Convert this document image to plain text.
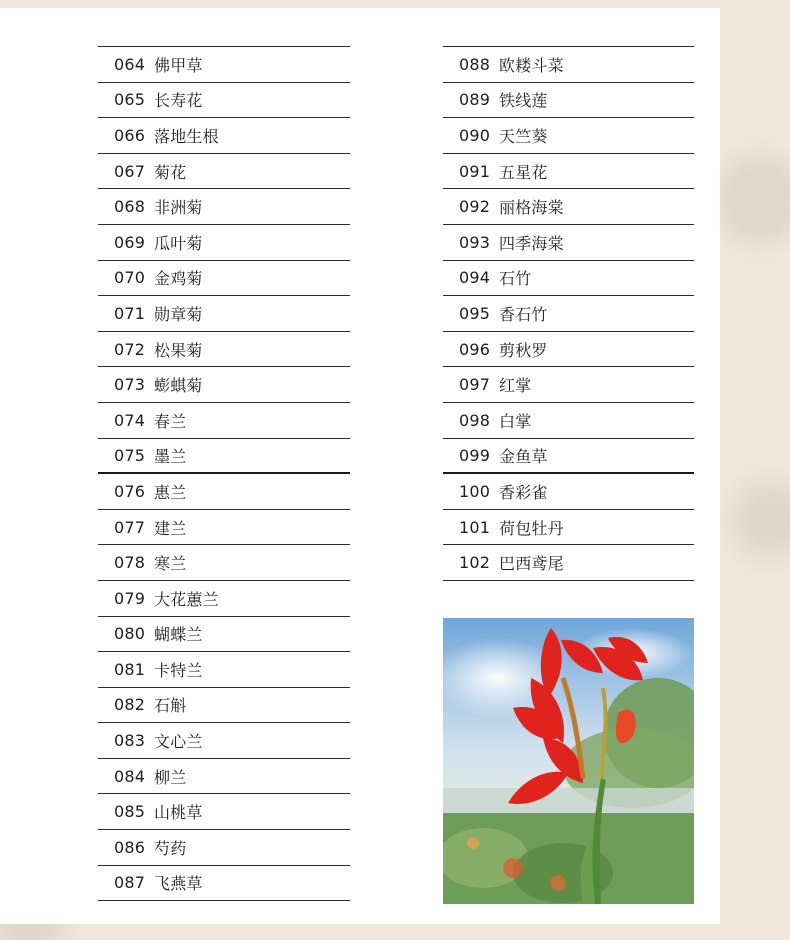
064 佛甲草
065 长寿花
066 落地生根
067 菊花
068 非洲菊
069 瓜叶菊
070 金鸡菊
071 勋章菊
072 松果菊
073 蟛蜞菊
074 春兰
075 墨兰
076 惠兰
077 建兰
078 寒兰
079 大花蕙兰
080 蝴蝶兰
081 卡特兰
082 石斛
083 文心兰
084 柳兰
085 山桃草
086 芍药
087 飞燕草
088 欧耧斗菜
089 铁线莲
090 天竺葵
091 五星花
092 丽格海棠
093 四季海棠
094 石竹
095 香石竹
096 剪秋罗
097 红掌
098 白掌
099 金鱼草
100 香彩雀
101 荷包牡丹
102 巴西鸢尾
